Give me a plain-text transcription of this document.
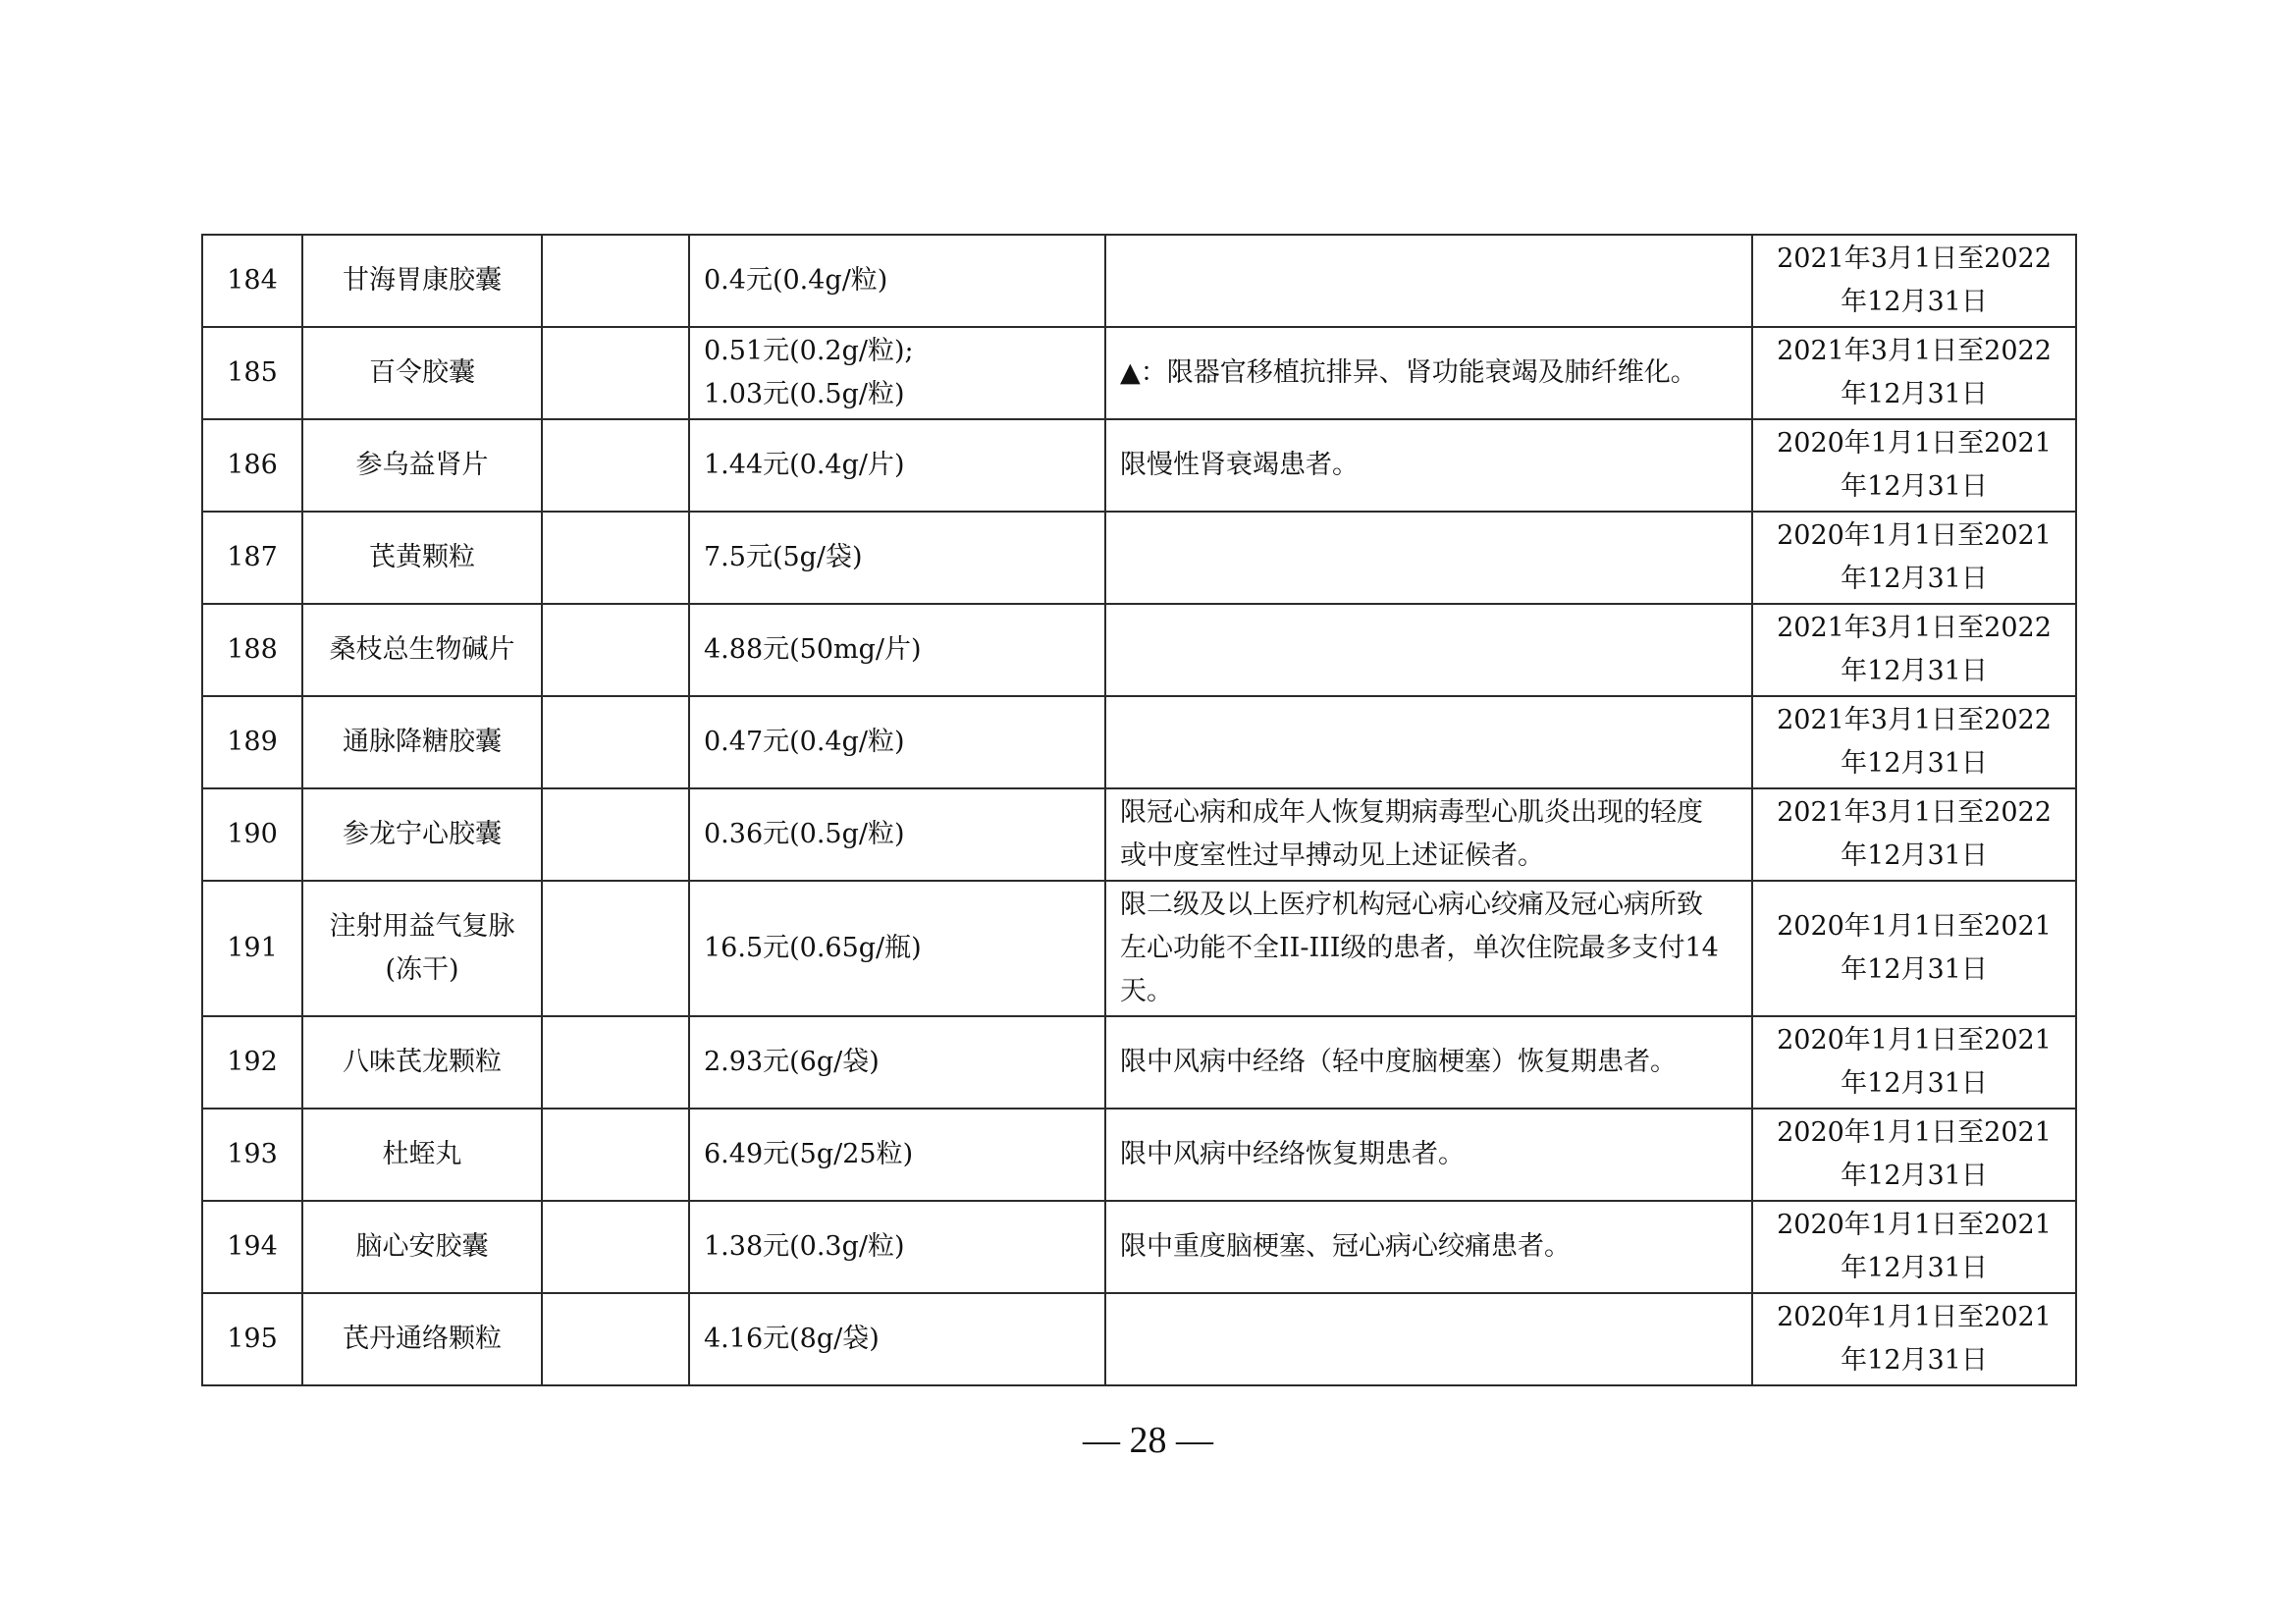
184	甘海胃康胶囊		0.4元(0.4g/粒)		2021年3月1日至2022
年12月31日

185	百令胶囊		0.51元(0.2g/粒);
1.03元(0.5g/粒)	▲：限器官移植抗排异、肾功能衰竭及肺纤维化。	2021年3月1日至2022
年12月31日

186	参乌益肾片		1.44元(0.4g/片)	限慢性肾衰竭患者。	2020年1月1日至2021
年12月31日

187	芪黄颗粒		7.5元(5g/袋)		2020年1月1日至2021
年12月31日

188	桑枝总生物碱片		4.88元(50mg/片)		2021年3月1日至2022
年12月31日

189	通脉降糖胶囊		0.47元(0.4g/粒)		2021年3月1日至2022
年12月31日

190	参龙宁心胶囊		0.36元(0.5g/粒)	限冠心病和成年人恢复期病毒型心肌炎出现的轻度
或中度室性过早搏动见上述证候者。	2021年3月1日至2022
年12月31日

191	注射用益气复脉
(冻干)		16.5元(0.65g/瓶)	限二级及以上医疗机构冠心病心绞痛及冠心病所致
左心功能不全II-III级的患者，单次住院最多支付14
天。	2020年1月1日至2021
年12月31日

192	八味芪龙颗粒		2.93元(6g/袋)	限中风病中经络（轻中度脑梗塞）恢复期患者。	2020年1月1日至2021
年12月31日

193	杜蛭丸		6.49元(5g/25粒)	限中风病中经络恢复期患者。	2020年1月1日至2021
年12月31日

194	脑心安胶囊		1.38元(0.3g/粒)	限中重度脑梗塞、冠心病心绞痛患者。	2020年1月1日至2021
年12月31日

195	芪丹通络颗粒		4.16元(8g/袋)		2020年1月1日至2021
年12月31日
— 28 —
